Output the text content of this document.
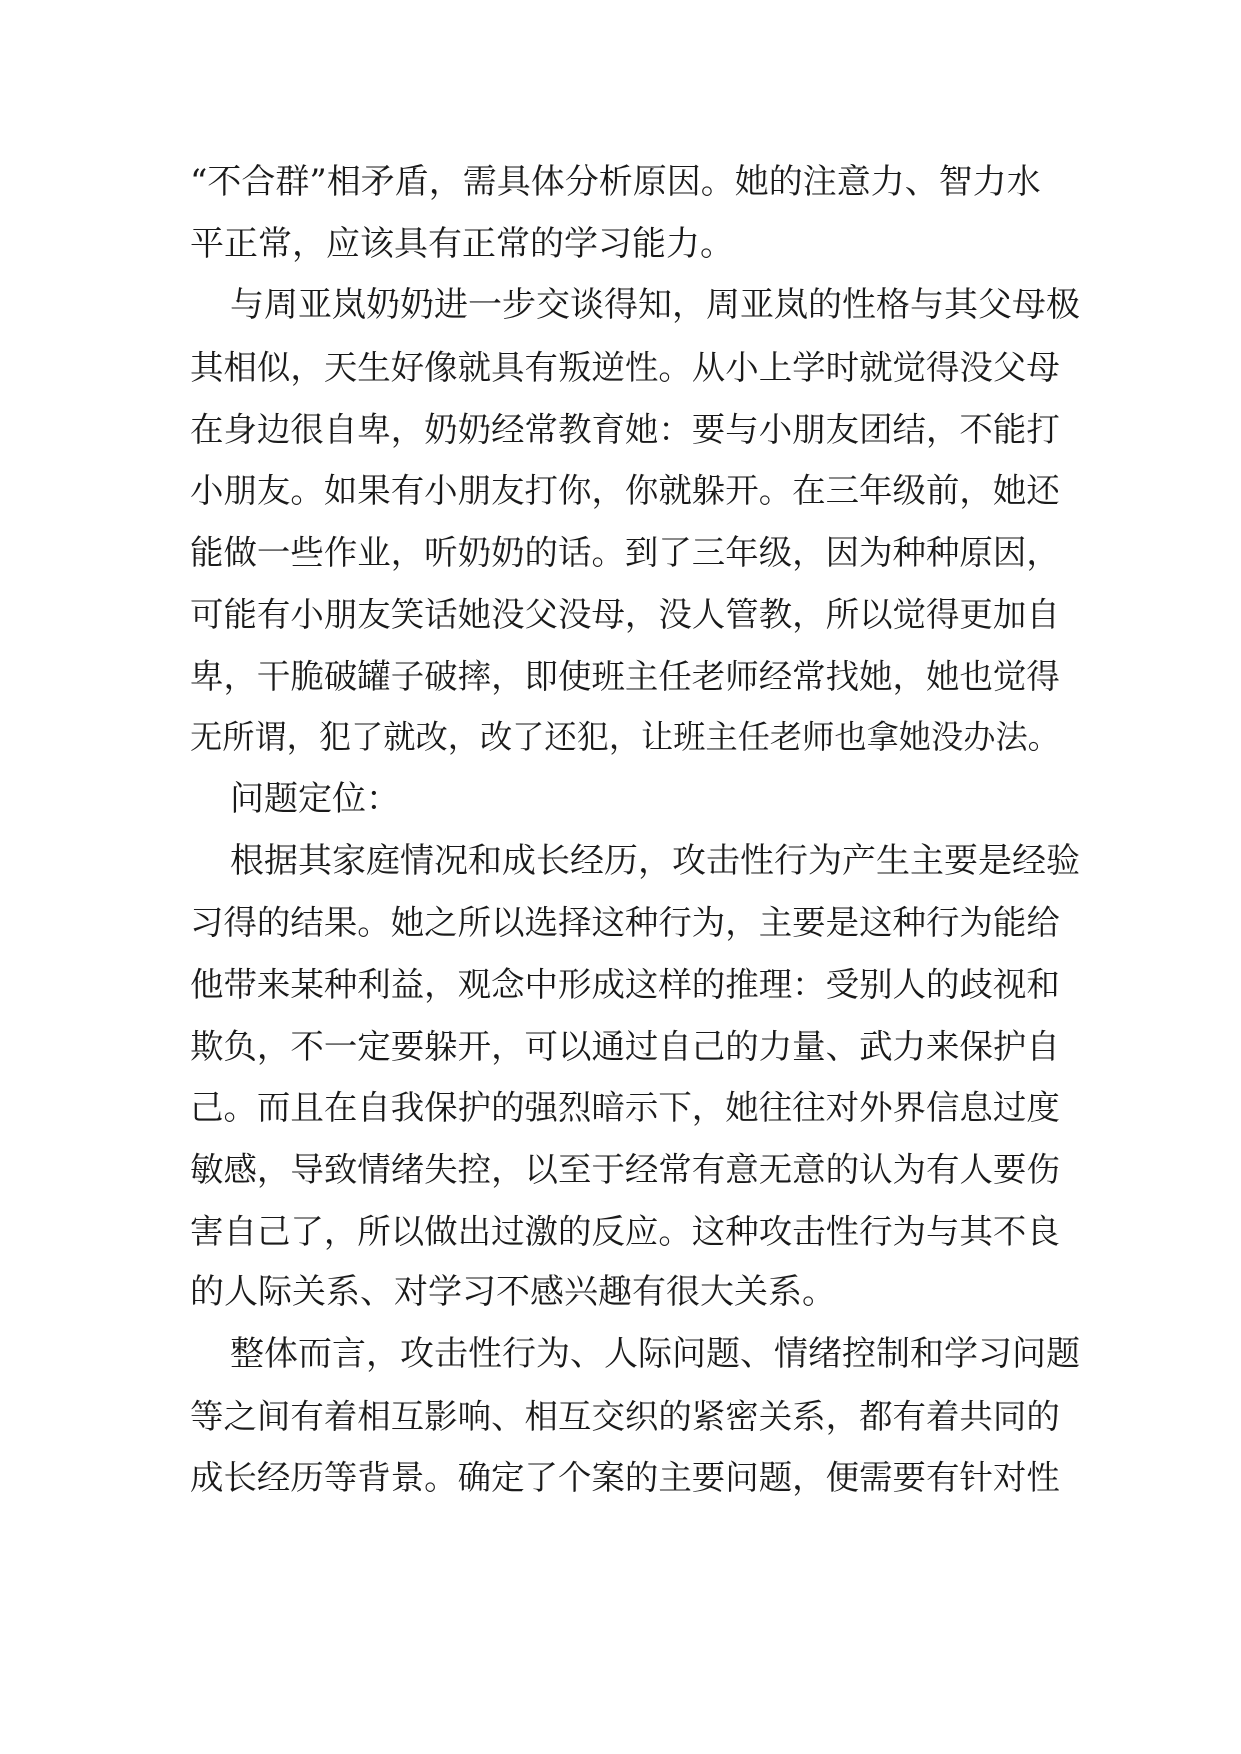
“不合群”相矛盾，需具体分析原因。她的注意力、智力水
平正常，应该具有正常的学习能力。
与周亚岚奶奶进一步交谈得知，周亚岚的性格与其父母极
其相似，天生好像就具有叛逆性。从小上学时就觉得没父母
在身边很自卑，奶奶经常教育她：要与小朋友团结，不能打
小朋友。如果有小朋友打你，你就躲开。在三年级前，她还
能做一些作业，听奶奶的话。到了三年级，因为种种原因，
可能有小朋友笑话她没父没母，没人管教，所以觉得更加自
卑，干脆破罐子破摔，即使班主任老师经常找她，她也觉得
无所谓，犯了就改，改了还犯，让班主任老师也拿她没办法。
问题定位：
根据其家庭情况和成长经历，攻击性行为产生主要是经验
习得的结果。她之所以选择这种行为，主要是这种行为能给
他带来某种利益，观念中形成这样的推理：受别人的歧视和
欺负，不一定要躲开，可以通过自己的力量、武力来保护自
己。而且在自我保护的强烈暗示下，她往往对外界信息过度
敏感，导致情绪失控，以至于经常有意无意的认为有人要伤
害自己了，所以做出过激的反应。这种攻击性行为与其不良
的人际关系、对学习不感兴趣有很大关系。
整体而言，攻击性行为、人际问题、情绪控制和学习问题
等之间有着相互影响、相互交织的紧密关系，都有着共同的
成长经历等背景。确定了个案的主要问题，便需要有针对性
